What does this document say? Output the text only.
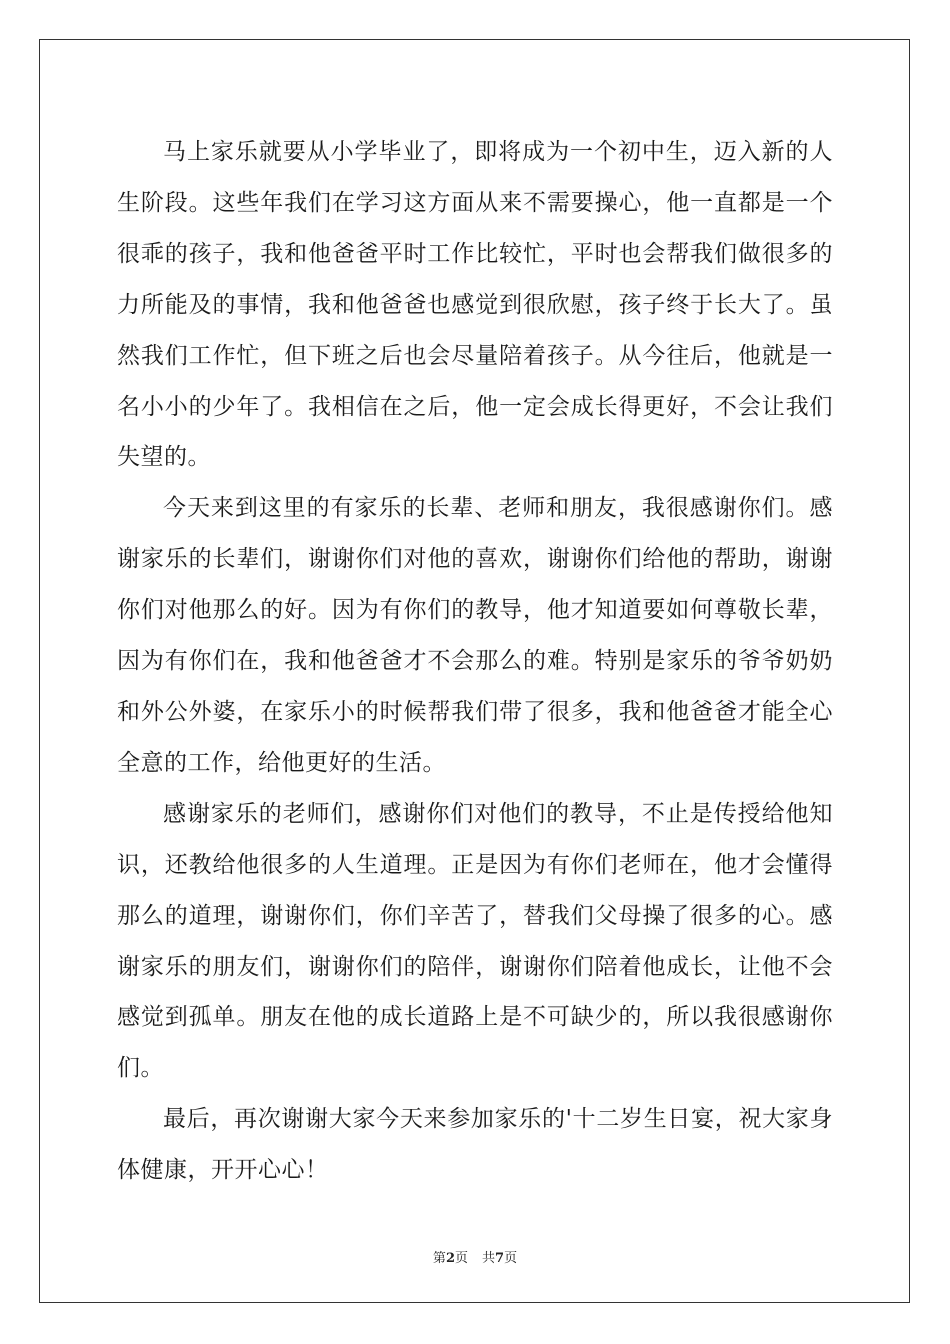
马上家乐就要从小学毕业了，即将成为一个初中生，迈入新的人生阶段。这些年我们在学习这方面从来不需要操心，他一直都是一个很乖的孩子，我和他爸爸平时工作比较忙，平时也会帮我们做很多的力所能及的事情，我和他爸爸也感觉到很欣慰，孩子终于长大了。虽然我们工作忙，但下班之后也会尽量陪着孩子。从今往后，他就是一名小小的少年了。我相信在之后，他一定会成长得更好，不会让我们失望的。

今天来到这里的有家乐的长辈、老师和朋友，我很感谢你们。感谢家乐的长辈们，谢谢你们对他的喜欢，谢谢你们给他的帮助，谢谢你们对他那么的好。因为有你们的教导，他才知道要如何尊敬长辈，因为有你们在，我和他爸爸才不会那么的难。特别是家乐的爷爷奶奶和外公外婆，在家乐小的时候帮我们带了很多，我和他爸爸才能全心全意的工作，给他更好的生活。

感谢家乐的老师们，感谢你们对他们的教导，不止是传授给他知识，还教给他很多的人生道理。正是因为有你们老师在，他才会懂得那么的道理，谢谢你们，你们辛苦了，替我们父母操了很多的心。感谢家乐的朋友们，谢谢你们的陪伴，谢谢你们陪着他成长，让他不会感觉到孤单。朋友在他的成长道路上是不可缺少的，所以我很感谢你们。

最后，再次谢谢大家今天来参加家乐的'十二岁生日宴，祝大家身体健康，开开心心！

第2页 共7页
